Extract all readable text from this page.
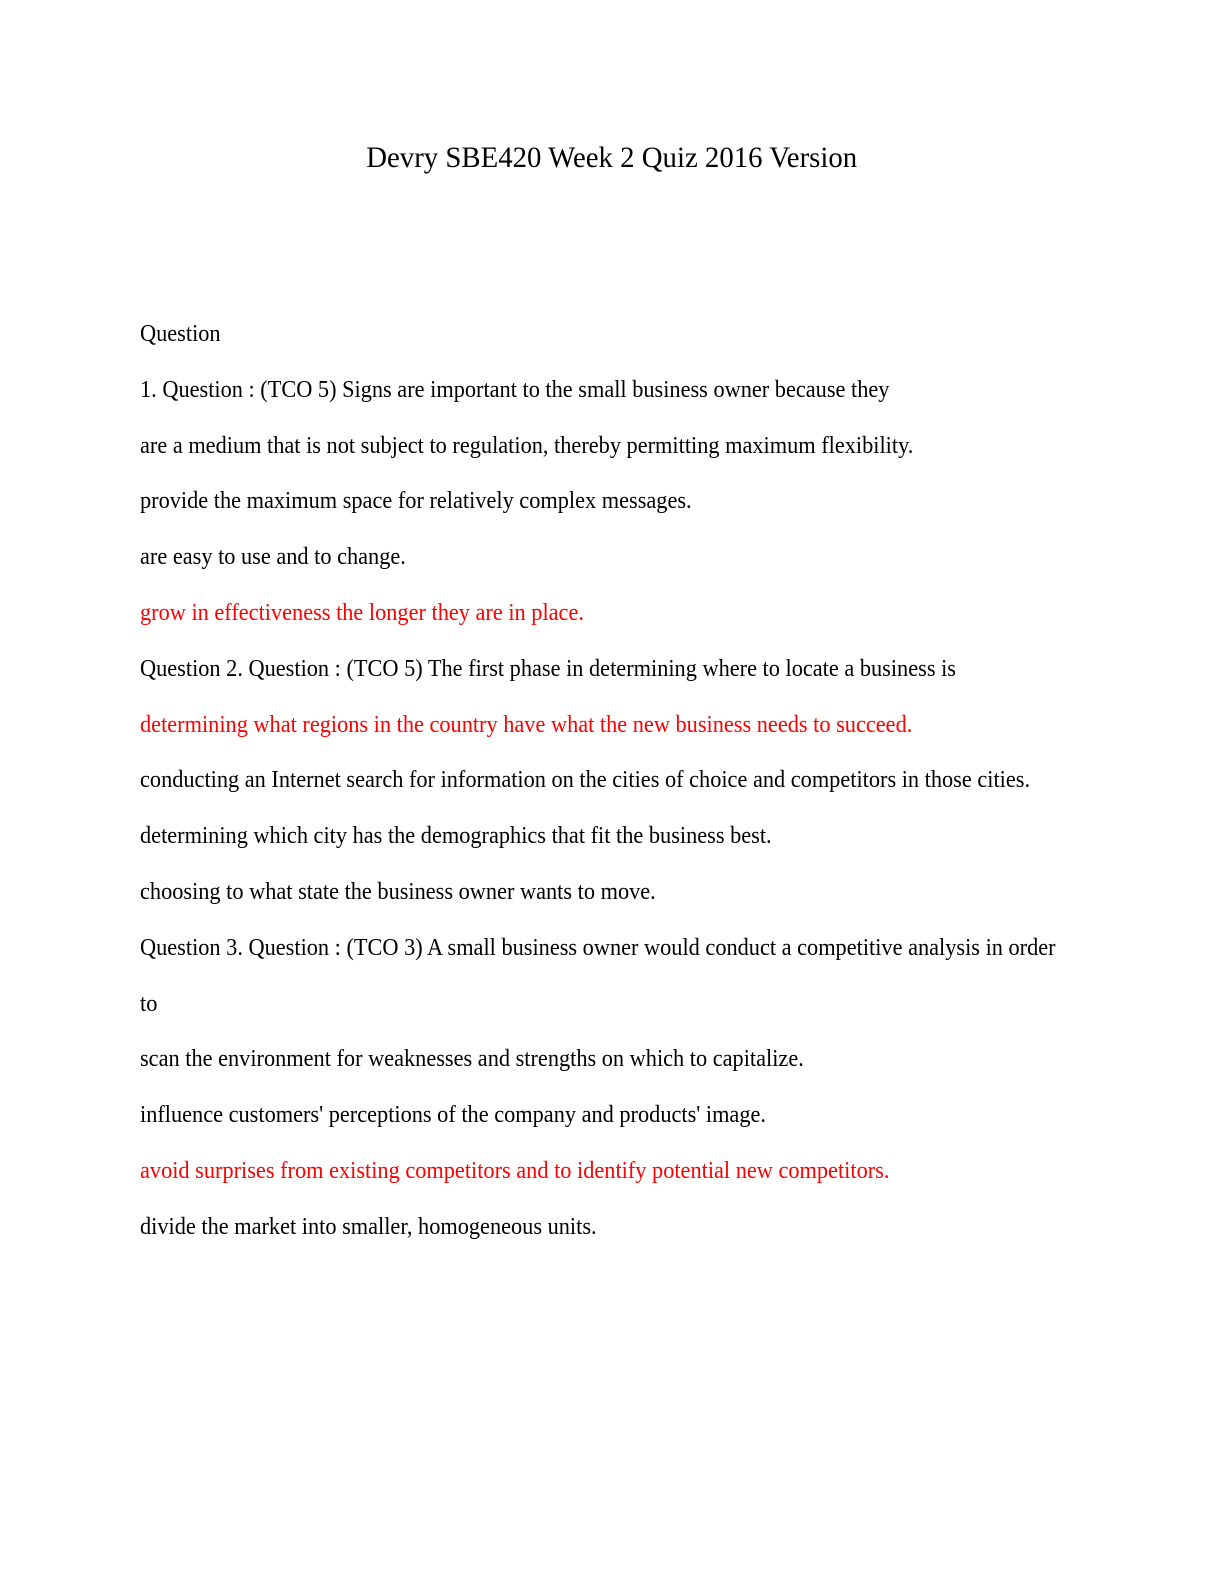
Devry SBE420 Week 2 Quiz 2016 Version
Question
1. Question : (TCO 5) Signs are important to the small business owner because they
are a medium that is not subject to regulation, thereby permitting maximum flexibility.
provide the maximum space for relatively complex messages.
are easy to use and to change.
grow in effectiveness the longer they are in place.
Question 2. Question : (TCO 5) The first phase in determining where to locate a business is
determining what regions in the country have what the new business needs to succeed.
conducting an Internet search for information on the cities of choice and competitors in those cities.
determining which city has the demographics that fit the business best.
choosing to what state the business owner wants to move.
Question 3. Question : (TCO 3) A small business owner would conduct a competitive analysis in order
to
scan the environment for weaknesses and strengths on which to capitalize.
influence customers' perceptions of the company and products' image.
avoid surprises from existing competitors and to identify potential new competitors.
divide the market into smaller, homogeneous units.
